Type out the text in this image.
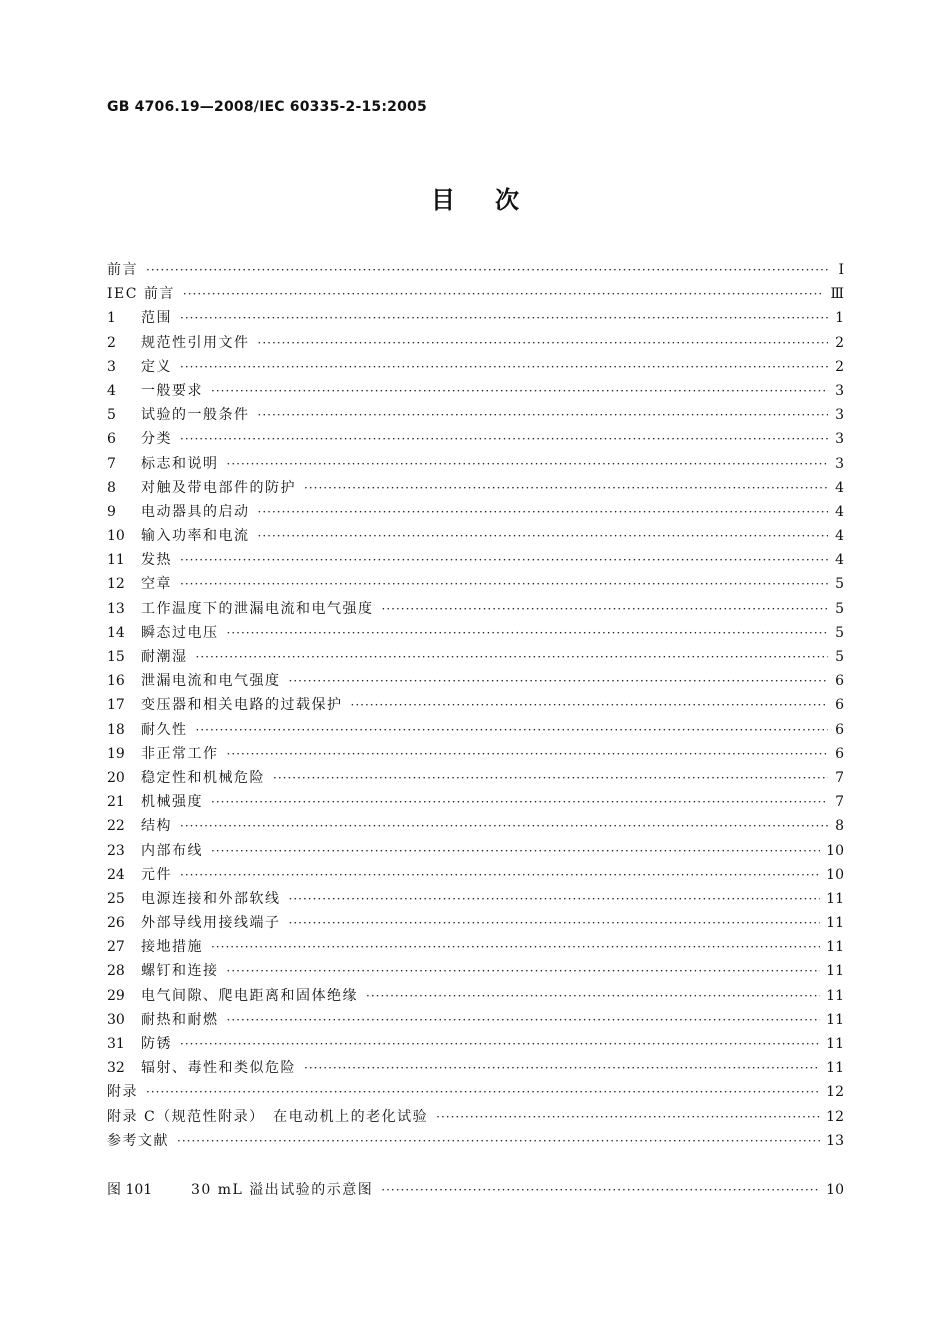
GB 4706.19—2008/IEC 60335-2-15:2005
目次
前言 ·····	Ⅰ
IEC 前言 ·····	Ⅲ
1	范围 ·····	1
2	规范性引用文件 ·····	2
3	定义 ·····	2
4	一般要求 ·····	3
5	试验的一般条件 ·····	3
6	分类 ·····	3
7	标志和说明 ·····	3
8	对触及带电部件的防护 ·····	4
9	电动器具的启动 ·····	4
10	输入功率和电流 ·····	4
11	发热 ·····	4
12	空章 ·····	5
13	工作温度下的泄漏电流和电气强度 ·····	5
14	瞬态过电压 ·····	5
15	耐潮湿 ·····	5
16	泄漏电流和电气强度 ·····	6
17	变压器和相关电路的过载保护 ·····	6
18	耐久性 ·····	6
19	非正常工作 ·····	6
20	稳定性和机械危险 ·····	7
21	机械强度 ·····	7
22	结构 ·····	8
23	内部布线 ·····	10
24	元件 ·····	10
25	电源连接和外部软线 ·····	11
26	外部导线用接线端子 ·····	11
27	接地措施 ·····	11
28	螺钉和连接 ·····	11
29	电气间隙、爬电距离和固体绝缘 ·····	11
30	耐热和耐燃 ·····	11
31	防锈 ·····	11
32	辐射、毒性和类似危险 ·····	11
附录 ·····	12
附录 C（规范性附录）　在电动机上的老化试验 ·····	12
参考文献 ·····	13
图 101	30 mL 溢出试验的示意图 ·····	10
